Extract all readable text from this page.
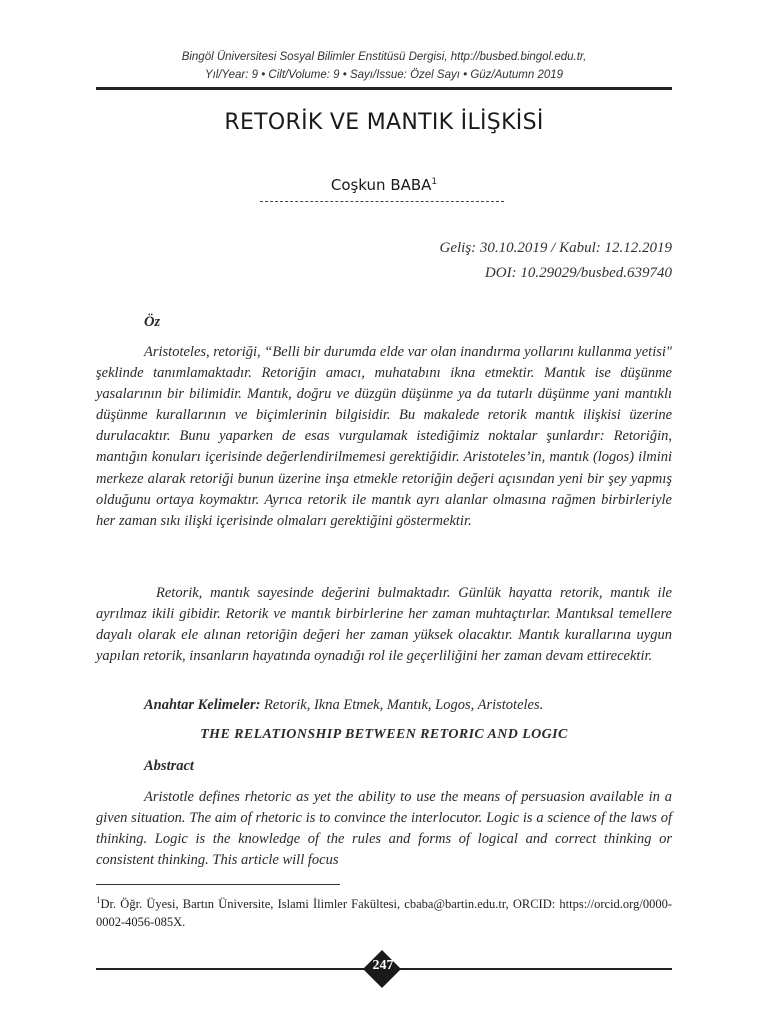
Bingöl Üniversitesi Sosyal Bilimler Enstitüsü Dergisi, http://busbed.bingol.edu.tr,
Yıl/Year: 9 • Cilt/Volume: 9 • Sayı/Issue: Özel Sayı • Güz/Autumn 2019
RETORİK VE MANTIK İLİŞKİSİ
Coşkun BABA$^1$
Geliş: 30.10.2019 / Kabul: 12.12.2019
DOI: 10.29029/busbed.639740
Öz
Aristoteles, retoriği, “Belli bir durumda elde var olan inandırma yollarını kullanma yetisi" şeklinde tanımlamaktadır. Retoriğin amacı, muhatabını ikna etmektir. Mantık ise düşünme yasalarının bir bilimidir. Mantık, doğru ve düzgün düşünme ya da tutarlı düşünme yani mantıklı düşünme kurallarının ve biçimlerinin bilgisidir. Bu makalede retorik mantık ilişkisi üzerine durulacaktır. Bunu yaparken de esas vurgulamak istediğimiz noktalar şunlardır: Retoriğin, mantığın konuları içerisinde değerlendirilmemesi gerektiğidir. Aristoteles’in, mantık (logos) ilmini merkeze alarak retoriği bunun üzerine inşa etmekle retoriğin değeri açısından yeni bir şey yapmış olduğunu ortaya koymaktır. Ayrıca retorik ile mantık ayrı alanlar olmasına rağmen birbirleriyle her zaman sıkı ilişki içerisinde olmaları gerektiğini göstermektir.
Retorik, mantık sayesinde değerini bulmaktadır. Günlük hayatta retorik, mantık ile ayrılmaz ikili gibidir. Retorik ve mantık birbirlerine her zaman muhtaçtırlar. Mantıksal temellere dayalı olarak ele alınan retoriğin değeri her zaman yüksek olacaktır. Mantık kurallarına uygun yapılan retorik, insanların hayatında oynadığı rol ile geçerliliğini her zaman devam ettirecektir.
Anahtar Kelimeler: Retorik, Ikna Etmek, Mantık, Logos, Aristoteles.
THE RELATIONSHIP BETWEEN RETORIC AND LOGIC
Abstract
Aristotle defines rhetoric as yet the ability to use the means of persuasion available in a given situation. The aim of rhetoric is to convince the interlocutor. Logic is a science of the laws of thinking. Logic is the knowledge of the rules and forms of logical and correct thinking or consistent thinking. This article will focus
$^1$Dr. Öğr. Üyesi, Bartın Üniversite, Islami İlimler Fakültesi, cbaba@bartin.edu.tr, ORCID: https://orcid.org/0000-0002-4056-085X.
247
